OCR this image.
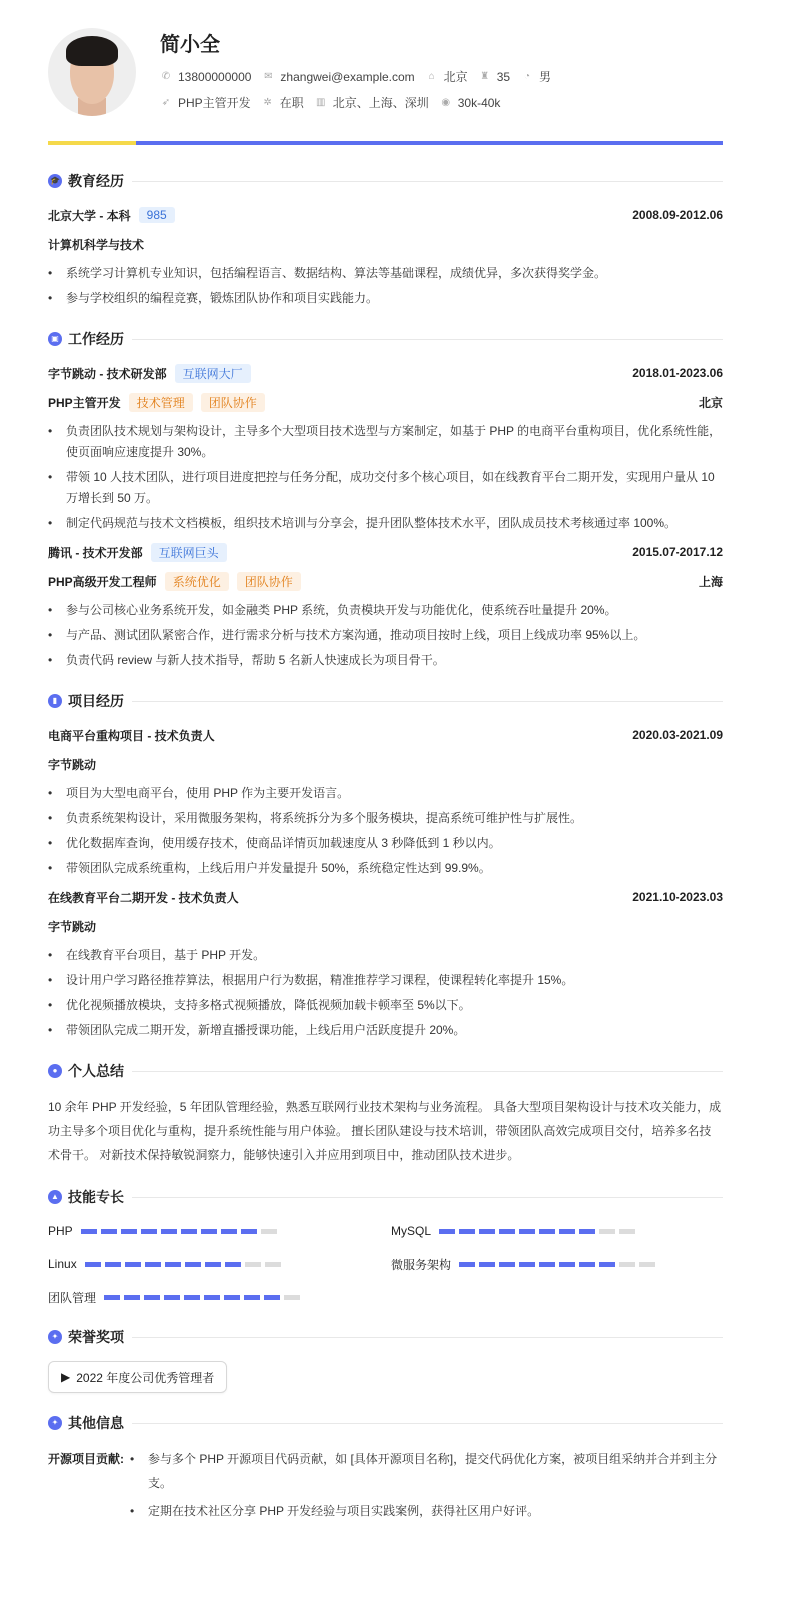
简小全
✆ 13800000000 ✉ zhangwei@example.com ⌂ 北京 ♜ 35 ◔ 男
➶ PHP主管开发 ✲ 在职 ▥ 北京、上海、深圳 ◉ 30k-40k
🎓 教育经历
北京大学 - 本科	985	2008.09-2012.06
计算机科学与技术
• 系统学习计算机专业知识，包括编程语言、数据结构、算法等基础课程，成绩优异，多次获得奖学金。
• 参与学校组织的编程竞赛，锻炼团队协作和项目实践能力。
▣ 工作经历
字节跳动 - 技术研发部	互联网大厂	2018.01-2023.06
PHP主管开发	技术管理	团队协作	北京
• 负责团队技术规划与架构设计，主导多个大型项目技术选型与方案制定，如基于 PHP 的电商平台重构项目，优化系统性能，使页面响应速度提升 30%。
• 带领 10 人技术团队，进行项目进度把控与任务分配，成功交付多个核心项目，如在线教育平台二期开发，实现用户量从 10 万增长到 50 万。
• 制定代码规范与技术文档模板，组织技术培训与分享会，提升团队整体技术水平，团队成员技术考核通过率 100%。
腾讯 - 技术开发部	互联网巨头	2015.07-2017.12
PHP高级开发工程师	系统优化	团队协作	上海
• 参与公司核心业务系统开发，如金融类 PHP 系统，负责模块开发与功能优化，使系统吞吐量提升 20%。
• 与产品、测试团队紧密合作，进行需求分析与技术方案沟通，推动项目按时上线，项目上线成功率 95%以上。
• 负责代码 review 与新人技术指导，帮助 5 名新人快速成长为项目骨干。
▮ 项目经历
电商平台重构项目 - 技术负责人	2020.03-2021.09
字节跳动
• 项目为大型电商平台，使用 PHP 作为主要开发语言。
• 负责系统架构设计，采用微服务架构，将系统拆分为多个服务模块，提高系统可维护性与扩展性。
• 优化数据库查询，使用缓存技术，使商品详情页加载速度从 3 秒降低到 1 秒以内。
• 带领团队完成系统重构，上线后用户并发量提升 50%，系统稳定性达到 99.9%。
在线教育平台二期开发 - 技术负责人	2021.10-2023.03
字节跳动
• 在线教育平台项目，基于 PHP 开发。
• 设计用户学习路径推荐算法，根据用户行为数据，精准推荐学习课程，使课程转化率提升 15%。
• 优化视频播放模块，支持多格式视频播放，降低视频加载卡顿率至 5%以下。
• 带领团队完成二期开发，新增直播授课功能，上线后用户活跃度提升 20%。
● 个人总结
10 余年 PHP 开发经验，5 年团队管理经验，熟悉互联网行业技术架构与业务流程。 具备大型项目架构设计与技术攻关能力，成功主导多个项目优化与重构，提升系统性能与用户体验。 擅长团队建设与技术培训，带领团队高效完成项目交付，培养多名技术骨干。 对新技术保持敏锐洞察力，能够快速引入并应用到项目中，推动团队技术进步。
▲ 技能专长
PHP	MySQL
Linux	微服务架构
团队管理
✦ 荣誉奖项
▶ 2022 年度公司优秀管理者
✦ 其他信息
开源项目贡献:	• 参与多个 PHP 开源项目代码贡献，如 [具体开源项目名称]，提交代码优化方案，被项目组采纳并合并到主分支。
• 定期在技术社区分享 PHP 开发经验与项目实践案例，获得社区用户好评。
